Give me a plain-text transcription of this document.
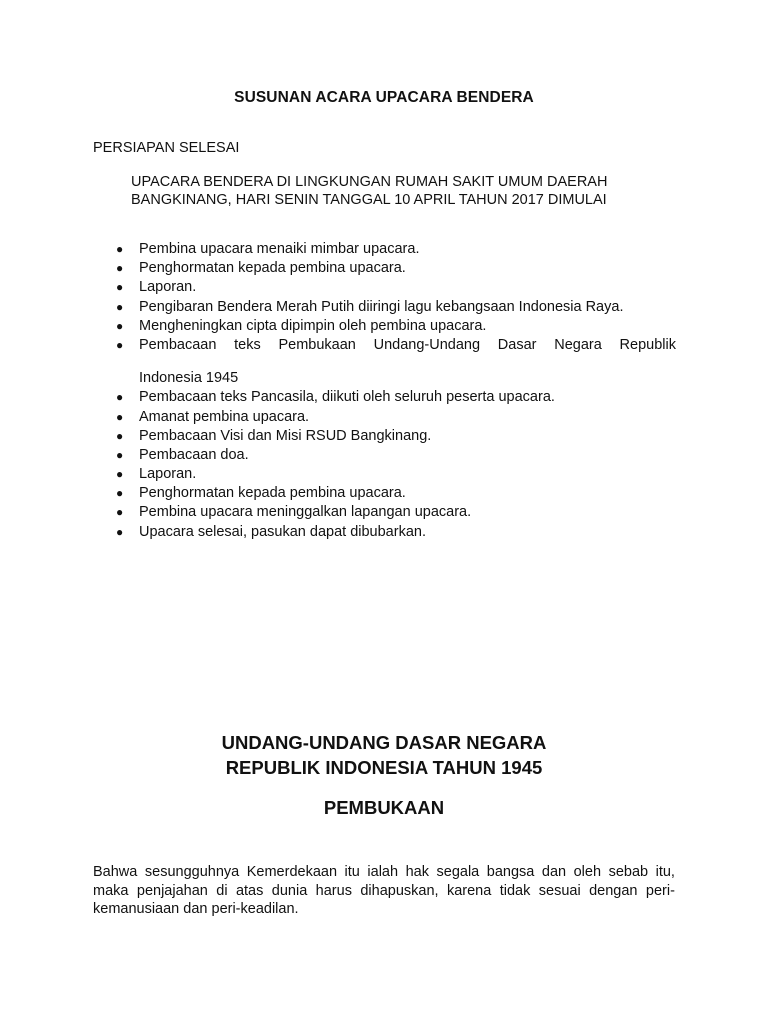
SUSUNAN ACARA UPACARA BENDERA
PERSIAPAN SELESAI
UPACARA BENDERA DI LINGKUNGAN RUMAH SAKIT UMUM DAERAH
BANGKINANG, HARI SENIN TANGGAL 10 APRIL TAHUN 2017 DIMULAI
● Pembina upacara menaiki mimbar upacara.
● Penghormatan kepada pembina upacara.
● Laporan.
● Pengibaran Bendera Merah Putih diiringi lagu kebangsaan Indonesia Raya.
● Mengheningkan cipta dipimpin oleh pembina upacara.
● Pembacaan teks Pembukaan Undang-Undang Dasar Negara Republik
Indonesia 1945
● Pembacaan teks Pancasila, diikuti oleh seluruh peserta upacara.
● Amanat pembina upacara.
● Pembacaan Visi dan Misi RSUD Bangkinang.
● Pembacaan doa.
● Laporan.
● Penghormatan kepada pembina upacara.
● Pembina upacara meninggalkan lapangan upacara.
● Upacara selesai, pasukan dapat dibubarkan.
UNDANG-UNDANG DASAR NEGARA
REPUBLIK INDONESIA TAHUN 1945
PEMBUKAAN
Bahwa sesungguhnya Kemerdekaan itu ialah hak segala bangsa dan oleh sebab itu,
maka penjajahan di atas dunia harus dihapuskan, karena tidak sesuai dengan peri-
kemanusiaan dan peri-keadilan.
